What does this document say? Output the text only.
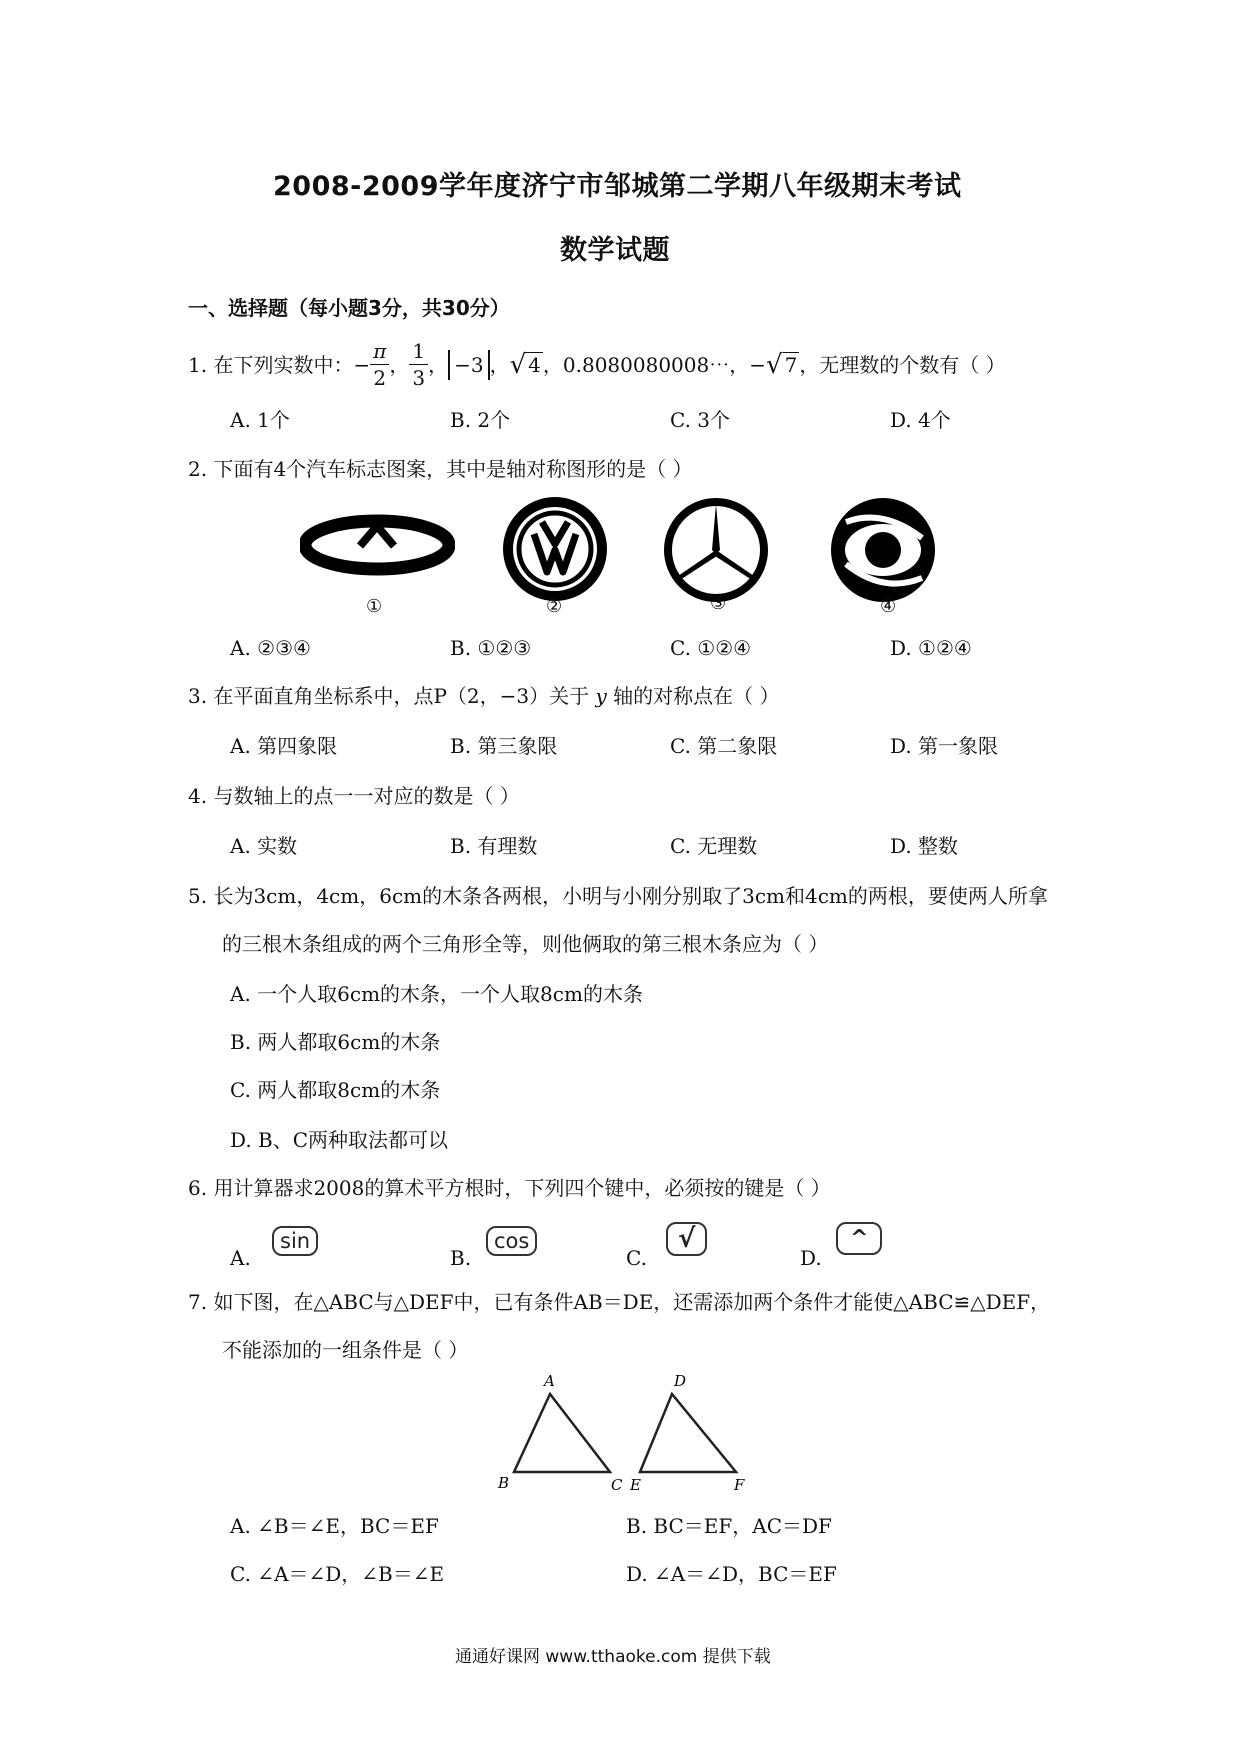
2008-2009学年度济宁市邹城第二学期八年级期末考试
数学试题
一、选择题（每小题3分，共30分）
1. 在下列实数中： − $\frac{\pi}{2}$ ， $\frac{1}{3}$ ， −3 ， √ 4 ，0.8080080008⋯， − √ 7 ，无理数的个数有（ ）
A. 1个	B. 2个	C. 3个	D. 4个
2. 下面有4个汽车标志图案，其中是轴对称图形的是（ ）
①	②	③	④
A. ②③④	B. ①②③	C. ①②④	D. ①②④
3. 在平面直角坐标系中，点P（2，−3）关于 y 轴的对称点在（ ）
A. 第四象限	B. 第三象限	C. 第二象限	D. 第一象限
4. 与数轴上的点一一对应的数是（ ）
A. 实数	B. 有理数	C. 无理数	D. 整数
5. 长为3cm，4cm，6cm的木条各两根，小明与小刚分别取了3cm和4cm的两根，要使两人所拿
的三根木条组成的两个三角形全等，则他俩取的第三根木条应为（ ）
A. 一个人取6cm的木条，一个人取8cm的木条
B. 两人都取6cm的木条
C. 两人都取8cm的木条
D. B、C两种取法都可以
6. 用计算器求2008的算术平方根时，下列四个键中，必须按的键是（ ）
A.
sin
B.
cos
C.
√
D.
^
7. 如下图，在△ABC与△DEF中，已有条件AB＝DE，还需添加两个条件才能使△ABC≌△DEF，
不能添加的一组条件是（ ）
A
B	C
D
E	F
A. ∠B＝∠E，BC＝EF	B. BC＝EF，AC＝DF
C. ∠A＝∠D，∠B＝∠E	D. ∠A＝∠D，BC＝EF
通通好课网 www.tthaoke.com 提供下载
